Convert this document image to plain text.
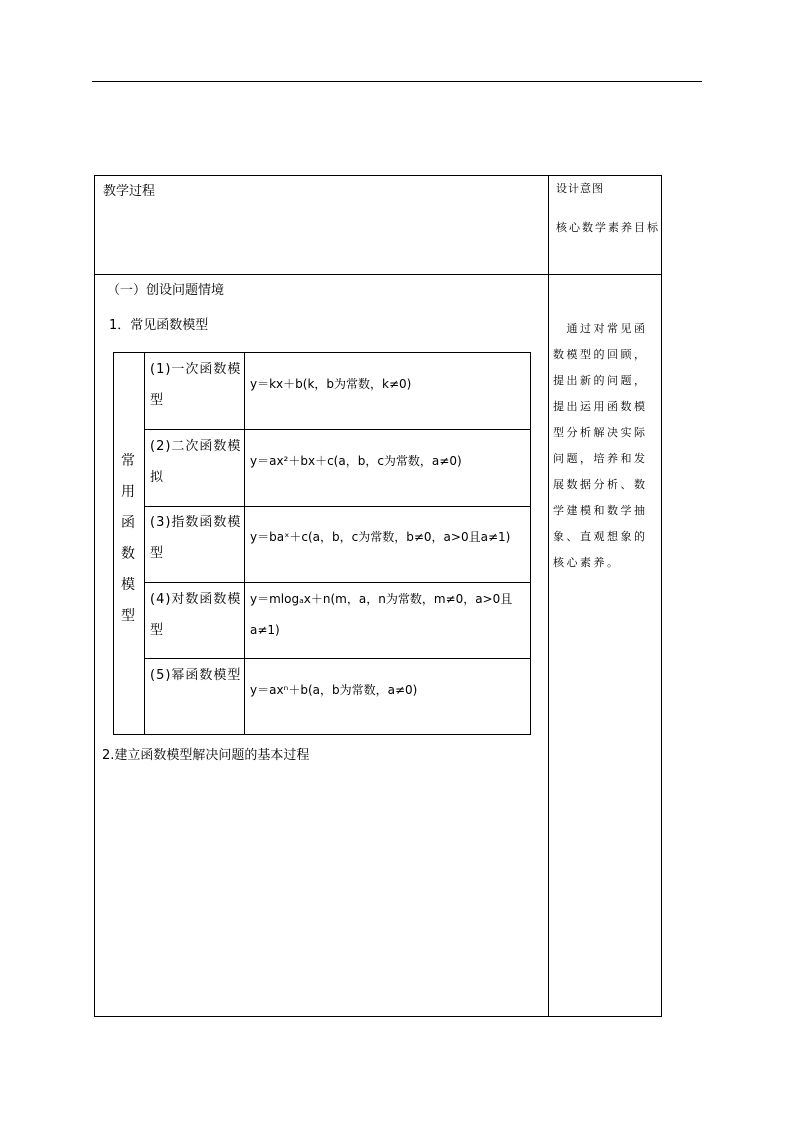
教学过程	设计意图
核心数学素养目标
（一）创设问题情境
1．常见函数模型	　通过对常见函数模型的回顾，提出新的问题，提出运用函数模型分析解决实际问题，培养和发展数据分析、数学建模和数学抽象、直观想象的核心素养。
常
用
函
数
模
型
(1)一次函数模型
y＝kx＋b(k，b为常数，k≠0)
(2)二次函数模拟
y＝ax²＋bx＋c(a，b，c为常数，a≠0)
(3)指数函数模型
y＝baˣ＋c(a，b，c为常数，b≠0，a>0且a≠1)
(4)对数函数模型
y＝mlogₐx＋n(m，a，n为常数，m≠0，a>0且a≠1)
(5)幂函数模型
y＝axⁿ＋b(a，b为常数，a≠0)
2.建立函数模型解决问题的基本过程
